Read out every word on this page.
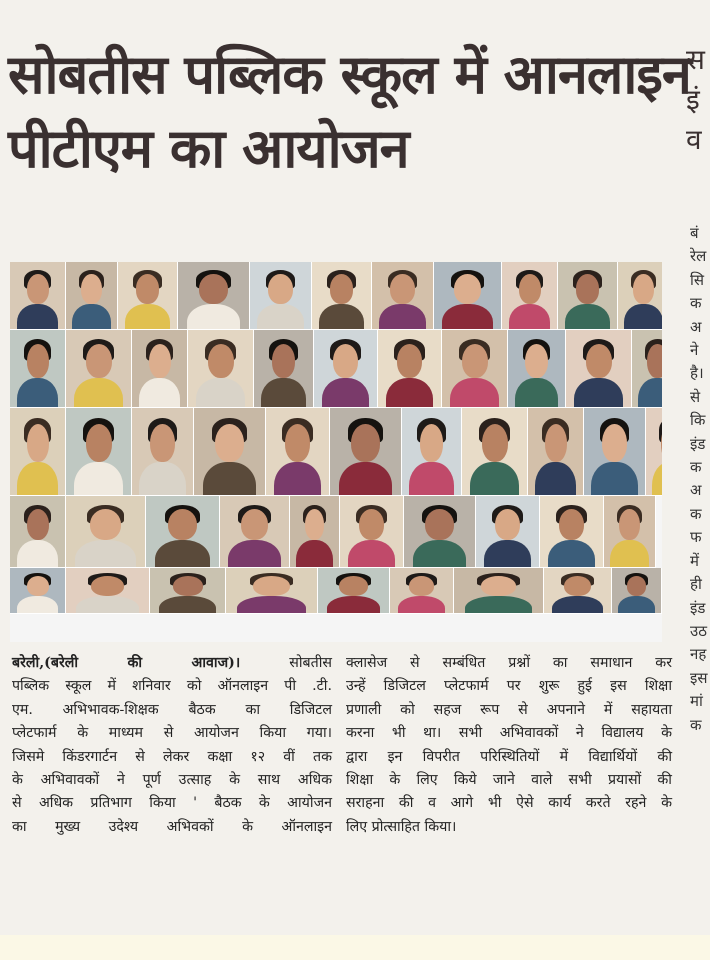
सोबतीस पब्लिक स्कूल में आनलाइन
पीटीएम का आयोजन
स
इं
व
बं
रेल
सि
क
अ
ने
है।
से
कि
इंड
क
अ
क
फ
में
ही
इंड
उठ
नह
इस
मां
क
बरेली,(बरेली की आवाज)। सोबतीस
पब्लिक स्कूल में शनिवार को ऑनलाइन पी .टी.
एम. अभिभावक-शिक्षक बैठक का डिजिटल
प्लेटफार्म के माध्यम से आयोजन किया गया।
जिसमे किंडरगार्टन से लेकर कक्षा १२ वीं तक
के अभिवावकों ने पूर्ण उत्साह के साथ अधिक
से अधिक प्रतिभाग किया ' बैठक के आयोजन
का मुख्य उदेश्य अभिवकों के ऑनलाइन
क्लासेज से सम्बंधित प्रश्नों का समाधान कर
उन्हें डिजिटल प्लेटफार्म पर शुरू हुई इस शिक्षा
प्रणाली को सहज रूप से अपनाने में सहायता
करना भी था। सभी अभिवावकों ने विद्यालय के
द्वारा इन विपरीत परिस्थितियों में विद्यार्थियों की
शिक्षा के लिए किये जाने वाले सभी प्रयासों की
सराहना की व आगे भी ऐसे कार्य करते रहने के
लिए प्रोत्साहित किया।
